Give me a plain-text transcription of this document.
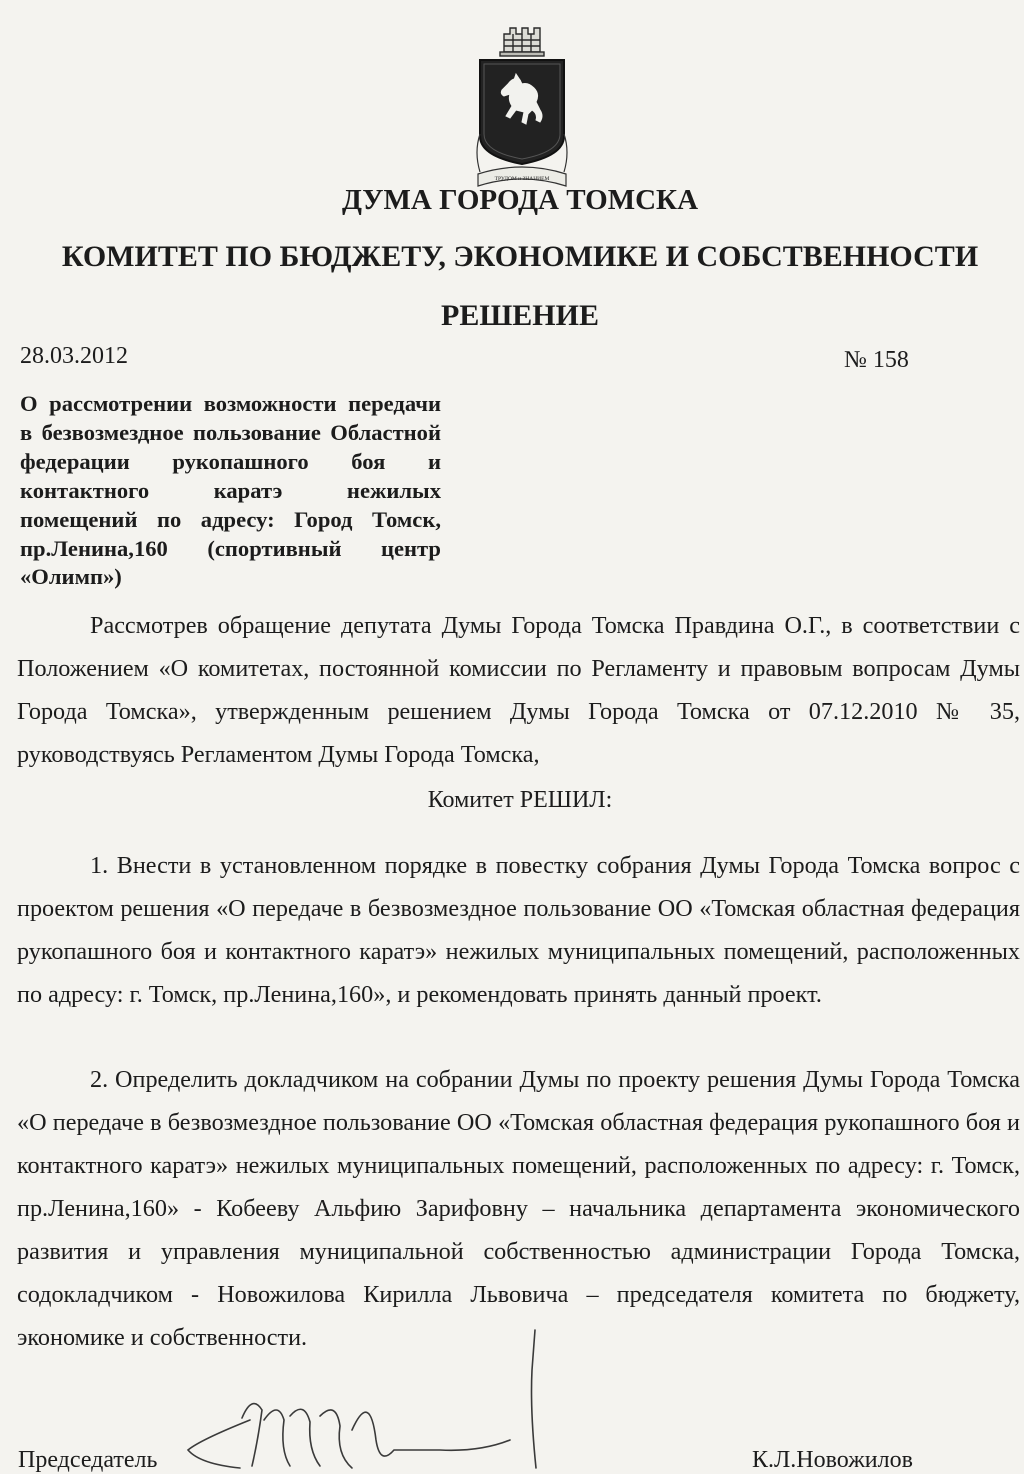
ТРУДОМ и ЗНАНИЕМ
ДУМА ГОРОДА ТОМСКА
КОМИТЕТ ПО БЮДЖЕТУ, ЭКОНОМИКЕ И СОБСТВЕННОСТИ
РЕШЕНИЕ
28.03.2012	№ 158
О рассмотрении возможности передачи в безвозмездное пользование Областной федерации рукопашного боя и контактного каратэ нежилых помещений по адресу: Город Томск, пр.Ленина,160 (спортивный центр «Олимп»)

Рассмотрев обращение депутата Думы Города Томска Правдина О.Г., в соответствии с Положением «О комитетах, постоянной комиссии по Регламенту и правовым вопросам Думы Города Томска», утвержденным решением Думы Города Томска от 07.12.2010 № 35, руководствуясь Регламентом Думы Города Томска,

Комитет РЕШИЛ:

1. Внести в установленном порядке в повестку собрания Думы Города Томска вопрос с проектом решения «О передаче в безвозмездное пользование ОО «Томская областная федерация рукопашного боя и контактного каратэ» нежилых муниципальных помещений, расположенных по адресу: г. Томск, пр.Ленина,160», и рекомендовать принять данный проект.

2. Определить докладчиком на собрании Думы по проекту решения Думы Города Томска «О передаче в безвозмездное пользование ОО «Томская областная федерация рукопашного боя и контактного каратэ» нежилых муниципальных помещений, расположенных по адресу: г. Томск, пр.Ленина,160» - Кобееву Альфию Зарифовну – начальника департамента экономического развития и управления муниципальной собственностью администрации Города Томска, содокладчиком - Новожилова Кирилла Львовича – председателя комитета по бюджету, экономике и собственности.

Председатель	К.Л.Новожилов
